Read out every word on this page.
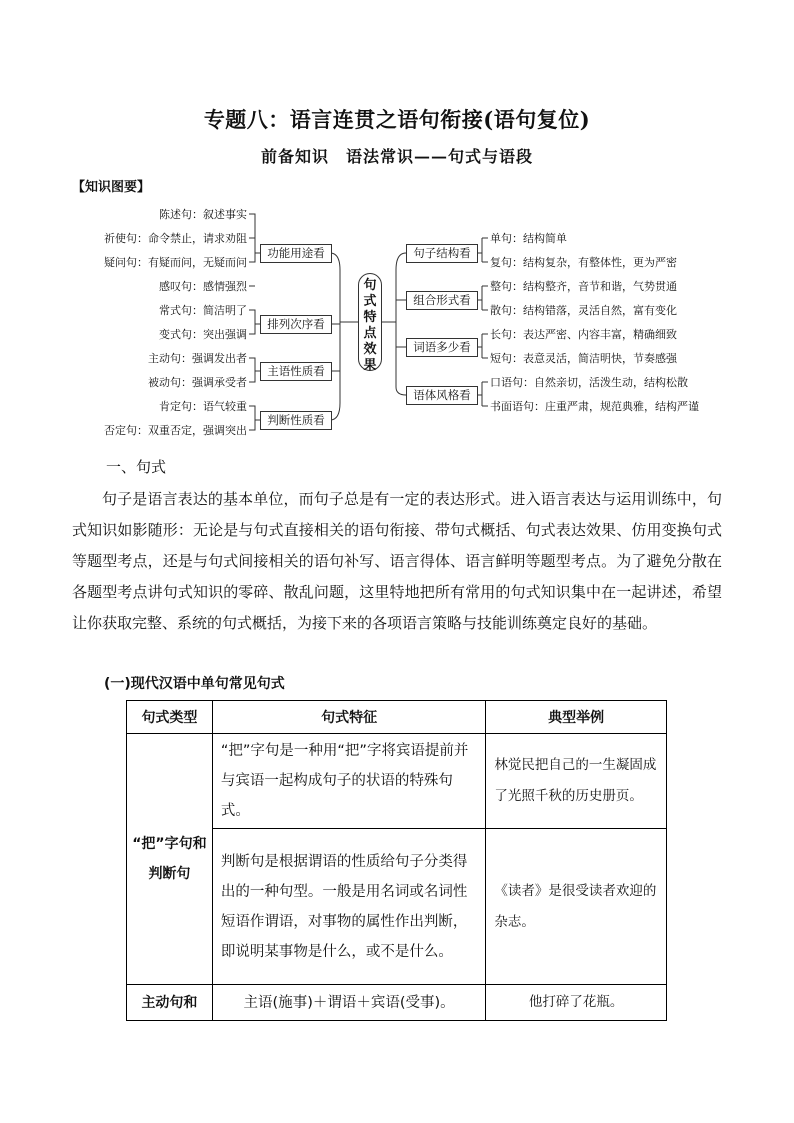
专题八：语言连贯之语句衔接(语句复位)
前备知识　语法常识——句式与语段
【知识图要】
陈述句：叙述事实
祈使句：命令禁止，请求劝阻
疑问句：有疑而问，无疑而问
感叹句：感情强烈
常式句：简洁明了
变式句：突出强调
主动句：强调发出者
被动句：强调承受者
肯定句：语气较重
否定句：双重否定，强调突出
功能用途看
排列次序看
主语性质看
判断性质看
句式特点效果
句子结构看
组合形式看
词语多少看
语体风格看
单句：结构简单
复句：结构复杂，有整体性，更为严密
整句：结构整齐，音节和谐，气势贯通
散句：结构错落，灵活自然，富有变化
长句：表达严密、内容丰富，精确细致
短句：表意灵活，简洁明快，节奏感强
口语句：自然亲切，活泼生动，结构松散
书面语句：庄重严肃，规范典雅，结构严谨
一、句式
句子是语言表达的基本单位，而句子总是有一定的表达形式。进入语言表达与运用训练中，句式知识如影随形：无论是与句式直接相关的语句衔接、带句式概括、句式表达效果、仿用变换句式等题型考点，还是与句式间接相关的语句补写、语言得体、语言鲜明等题型考点。为了避免分散在各题型考点讲句式知识的零碎、散乱问题，这里特地把所有常用的句式知识集中在一起讲述，希望让你获取完整、系统的句式概括，为接下来的各项语言策略与技能训练奠定良好的基础。
(一)现代汉语中单句常见句式
句式类型	句式特征	典型举例
“把”字句和判断句	“把”字句是一种用“把”字将宾语提前并与宾语一起构成句子的状语的特殊句式。	林觉民把自己的一生凝固成了光照千秋的历史册页。
	判断句是根据谓语的性质给句子分类得出的一种句型。一般是用名词或名词性短语作谓语，对事物的属性作出判断，即说明某事物是什么，或不是什么。	《读者》是很受读者欢迎的杂志。
主动句和	主语(施事)＋谓语＋宾语(受事)。	他打碎了花瓶。
